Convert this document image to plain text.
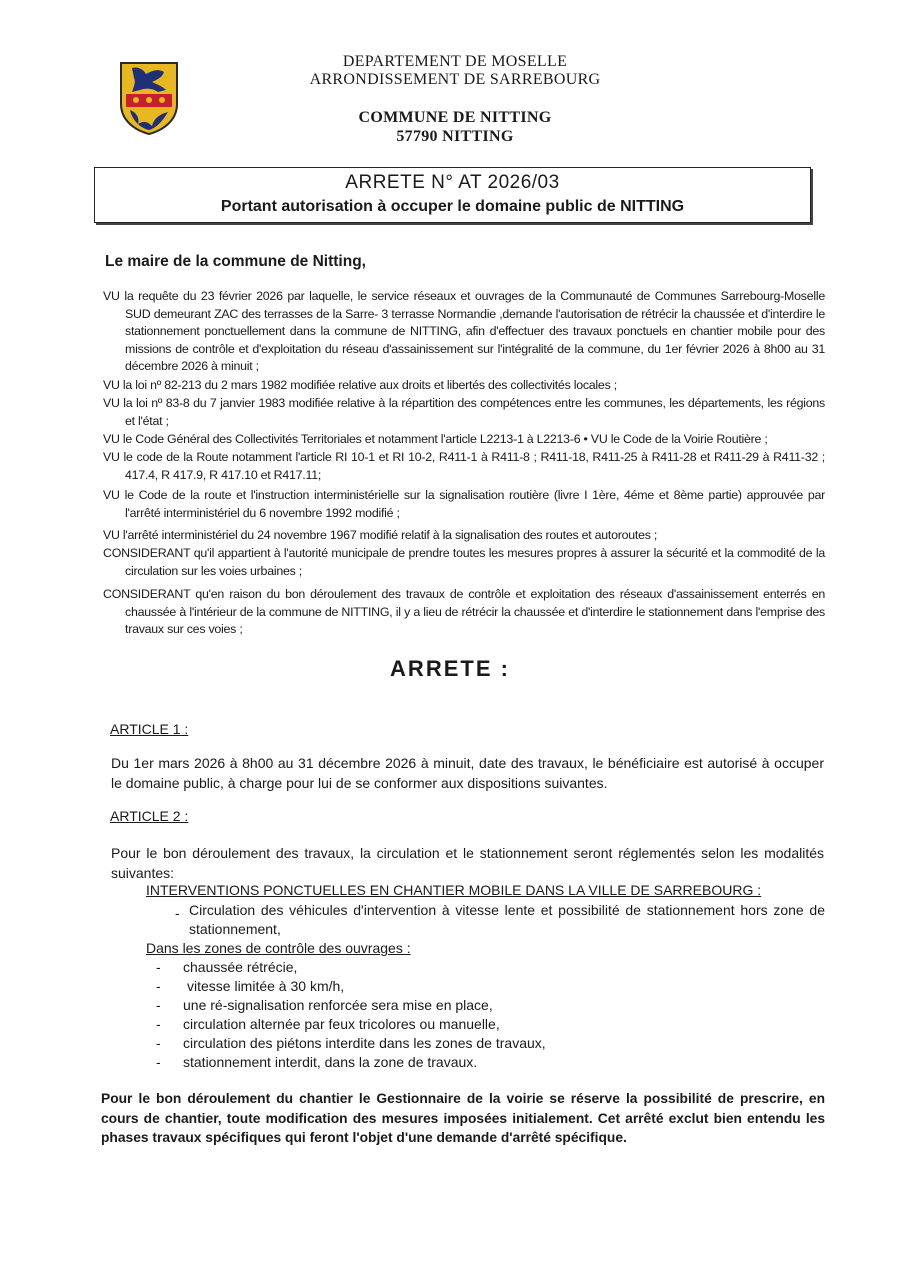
DEPARTEMENT DE MOSELLE
ARRONDISSEMENT DE SARREBOURG
COMMUNE DE NITTING
57790 NITTING
ARRETE N° AT 2026/03
Portant autorisation à occuper le domaine public de NITTING
Le maire de la commune de Nitting,
VU la requête du 23 février 2026 par laquelle, le service réseaux et ouvrages de la Communauté de Communes Sarrebourg-Moselle SUD demeurant ZAC des terrasses de la Sarre- 3 terrasse Normandie ,demande l'autorisation de rétrécir la chaussée et d'interdire le stationnement ponctuellement dans la commune de NITTING, afin d'effectuer des travaux ponctuels en chantier mobile pour des missions de contrôle et d'exploitation du réseau d'assainissement sur l'intégralité de la commune, du 1er février 2026 à 8h00 au 31 décembre 2026 à minuit ;
VU la loi nº 82-213 du 2 mars 1982 modifiée relative aux droits et libertés des collectivités locales ;
VU la loi nº 83-8 du 7 janvier 1983 modifiée relative à la répartition des compétences entre les communes, les départements, les régions et l'état ;
VU le Code Général des Collectivités Territoriales et notamment l'article L2213-1 à L2213-6 • VU le Code de la Voirie Routière ;
VU le code de la Route notamment l'article RI 10-1 et RI 10-2, R411-1 à R411-8 ; R411-18, R411-25 à R411-28 et R411-29 à R411-32 ; 417.4, R 417.9, R 417.10 et R417.11;
VU le Code de la route et l'instruction interministérielle sur la signalisation routière (livre I 1ère, 4éme et 8ème partie) approuvée par l'arrêté interministériel du 6 novembre 1992 modifié ;
VU l'arrêté interministériel du 24 novembre 1967 modifié relatif à la signalisation des routes et autoroutes ;
CONSIDERANT qu'il appartient à l'autorité municipale de prendre toutes les mesures propres à assurer la sécurité et la commodité de la circulation sur les voies urbaines ;
CONSIDERANT qu'en raison du bon déroulement des travaux de contrôle et exploitation des réseaux d'assainissement enterrés en chaussée à l'intérieur de la commune de NITTING, il y a lieu de rétrécir la chaussée et d'interdire le stationnement dans l'emprise des travaux sur ces voies ;
ARRETE :
ARTICLE 1 :
Du 1er mars 2026 à 8h00 au 31 décembre 2026 à minuit, date des travaux, le bénéficiaire est autorisé à occuper le domaine public, à charge pour lui de se conformer aux dispositions suivantes.
ARTICLE 2 :
Pour le bon déroulement des travaux, la circulation et le stationnement seront réglementés selon les modalités suivantes:
INTERVENTIONS PONCTUELLES EN CHANTIER MOBILE DANS LA VILLE DE SARREBOURG :
- Circulation des véhicules d'intervention à vitesse lente et possibilité de stationnement hors zone de stationnement,
Dans les zones de contrôle des ouvrages :
- chaussée rétrécie,
- vitesse limitée à 30 km/h,
- une ré-signalisation renforcée sera mise en place,
- circulation alternée par feux tricolores ou manuelle,
- circulation des piétons interdite dans les zones de travaux,
- stationnement interdit, dans la zone de travaux.
Pour le bon déroulement du chantier le Gestionnaire de la voirie se réserve la possibilité de prescrire, en cours de chantier, toute modification des mesures imposées initialement. Cet arrêté exclut bien entendu les phases travaux spécifiques qui feront l'objet d'une demande d'arrêté spécifique.
